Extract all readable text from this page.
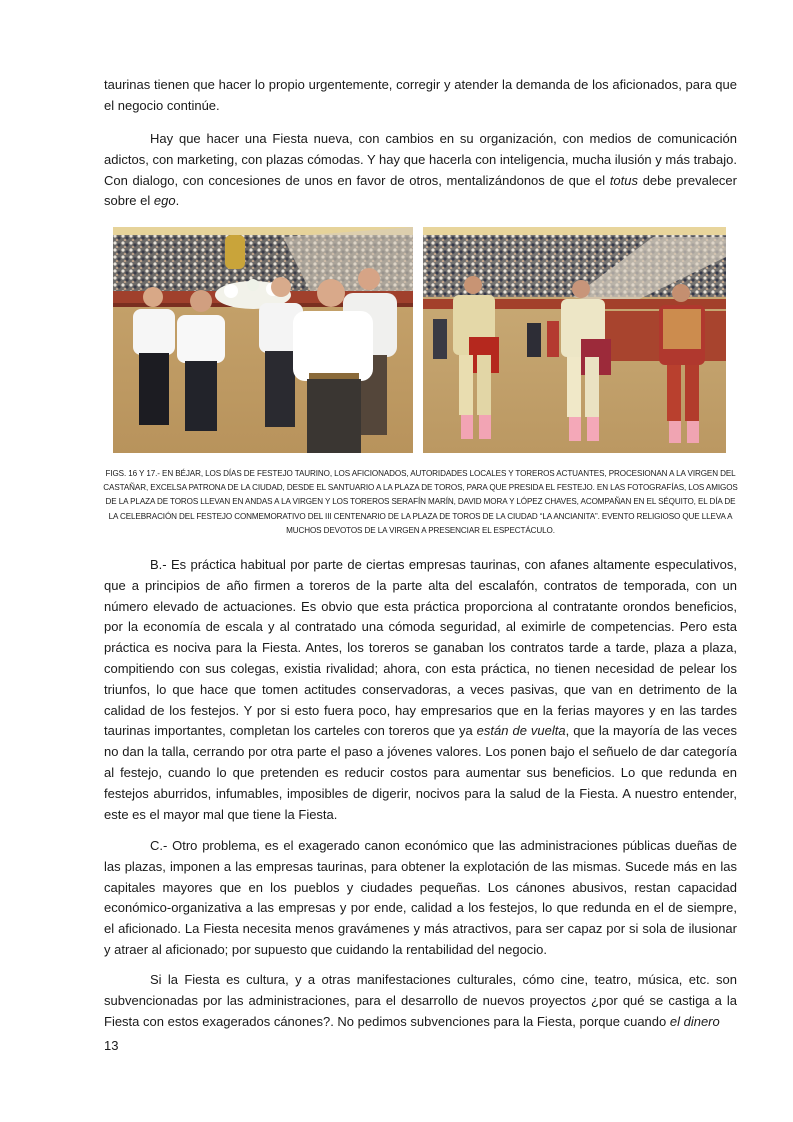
taurinas tienen que hacer lo propio urgentemente, corregir y atender la demanda de los aficionados, para que el negocio continúe.

Hay que hacer una Fiesta nueva, con cambios en su organización, con medios de comunicación adictos, con marketing, con plazas cómodas. Y hay que hacerla con inteligencia, mucha ilusión y más trabajo. Con dialogo, con concesiones de unos en favor de otros, mentalizándonos de que el totus debe prevalecer sobre el ego.

FIGS. 16 Y 17.- EN BÉJAR, LOS DÍAS DE FESTEJO TAURINO, LOS AFICIONADOS, AUTORIDADES LOCALES Y TOREROS ACTUANTES, PROCESIONAN A LA VIRGEN DEL CASTAÑAR, EXCELSA PATRONA DE LA CIUDAD, DESDE EL SANTUARIO A LA PLAZA DE TOROS, PARA QUE PRESIDA EL FESTEJO. EN LAS FOTOGRAFÍAS, LOS AMIGOS DE LA PLAZA DE TOROS LLEVAN EN ANDAS A LA VIRGEN Y LOS TOREROS SERAFÍN MARÍN, DAVID MORA Y LÓPEZ CHAVES, ACOMPAÑAN EN EL SÉQUITO, EL DÍA DE LA CELEBRACIÓN DEL FESTEJO CONMEMORATIVO DEL III CENTENARIO DE LA PLAZA DE TOROS DE LA CIUDAD “LA ANCIANITA”. EVENTO RELIGIOSO QUE LLEVA A MUCHOS DEVOTOS DE LA VIRGEN A PRESENCIAR EL ESPECTÁCULO.

B.- Es práctica habitual por parte de ciertas empresas taurinas, con afanes altamente especulativos, que a principios de año firmen a toreros de la parte alta del escalafón, contratos de temporada, con un número elevado de actuaciones. Es obvio que esta práctica proporciona al contratante orondos beneficios, por la economía de escala y al contratado una cómoda seguridad, al eximirle de competencias. Pero esta práctica es nociva para la Fiesta. Antes, los toreros se ganaban los contratos tarde a tarde, plaza a plaza, compitiendo con sus colegas, existia rivalidad; ahora, con esta práctica, no tienen necesidad de pelear los triunfos, lo que hace que tomen actitudes conservadoras, a veces pasivas, que van en detrimento de la calidad de los festejos. Y por si esto fuera poco, hay empresarios que en la ferias mayores y en las tardes taurinas importantes, completan los carteles con toreros que ya están de vuelta, que la mayoría de las veces no dan la talla, cerrando por otra parte el paso a jóvenes valores. Los ponen bajo el señuelo de dar categoría al festejo, cuando lo que pretenden es reducir costos para aumentar sus beneficios. Lo que redunda en festejos aburridos, infumables, imposibles de digerir, nocivos para la salud de la Fiesta. A nuestro entender, este es el mayor mal que tiene la Fiesta.

C.- Otro problema, es el exagerado canon económico que las administraciones públicas dueñas de las plazas, imponen a las empresas taurinas, para obtener la explotación de las mismas. Sucede más en las capitales mayores que en los pueblos y ciudades pequeñas. Los cánones abusivos, restan capacidad económico-organizativa a las empresas y por ende, calidad a los festejos, lo que redunda en el de siempre, el aficionado. La Fiesta necesita menos gravámenes y más atractivos, para ser capaz por si sola de ilusionar y atraer al aficionado; por supuesto que cuidando la rentabilidad del negocio.

Si la Fiesta es cultura, y a otras manifestaciones culturales, cómo cine, teatro, música, etc. son subvencionadas por las administraciones, para el desarrollo de nuevos proyectos ¿por qué se castiga a la Fiesta con estos exagerados cánones?. No pedimos subvenciones para la Fiesta, porque cuando el dinero

13
